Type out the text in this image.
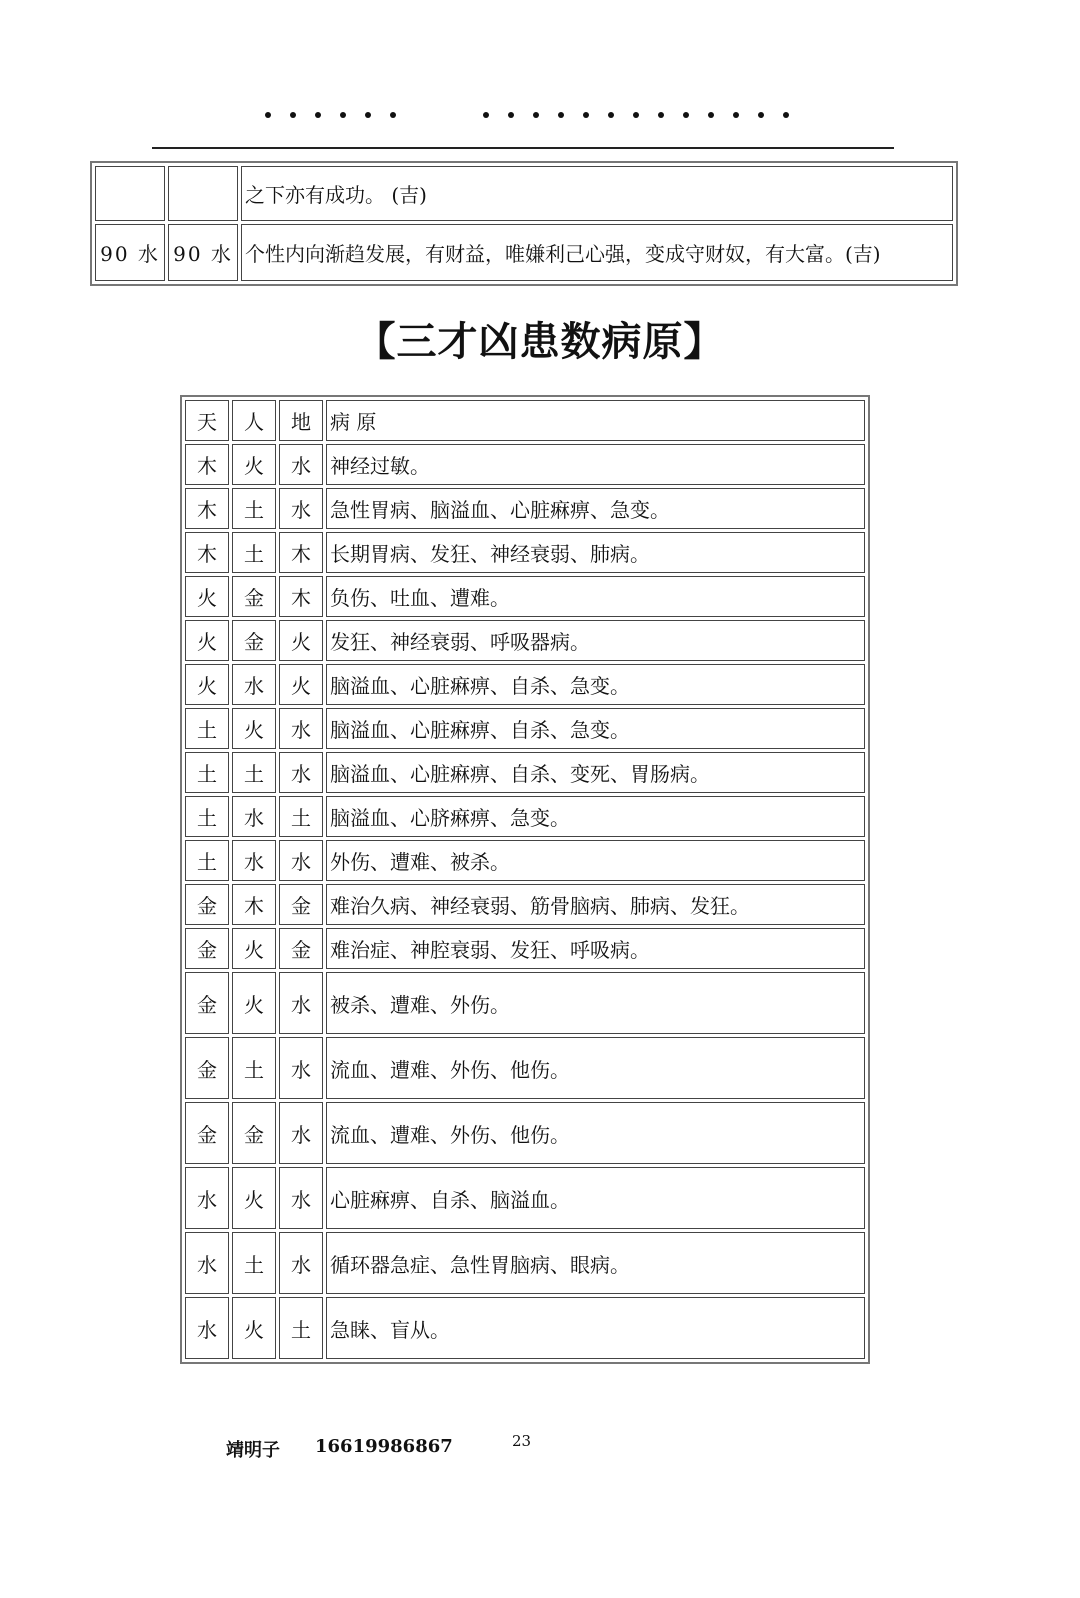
		之下亦有成功。 (吉)
90 水	90 水	个性内向渐趋发展，有财益，唯嫌利己心强，变成守财奴，有大富。(吉)
【三才凶患数病原】
天	人	地	病 原
木	火	水	神经过敏。
木	土	水	急性胃病、脑溢血、心脏痳痹、急变。
木	土	木	长期胃病、发狂、神经衰弱、肺病。
火	金	木	负伤、吐血、遭难。
火	金	火	发狂、神经衰弱、呼吸器病。
火	水	火	脑溢血、心脏痳痹、自杀、急变。
土	火	水	脑溢血、心脏痳痹、自杀、急变。
土	土	水	脑溢血、心脏痳痹、自杀、变死、胃肠病。
土	水	土	脑溢血、心脐痳痹、急变。
土	水	水	外伤、遭难、被杀。
金	木	金	难治久病、神经衰弱、筋骨脑病、肺病、发狂。
金	火	金	难治症、神腔衰弱、发狂、呼吸病。
金	火	水	被杀、遭难、外伤。
金	土	水	流血、遭难、外伤、他伤。
金	金	水	流血、遭难、外伤、他伤。
水	火	水	心脏痳痹、自杀、脑溢血。
水	土	水	循环器急症、急性胃脑病、眼病。
水	火	土	急睐、盲从。
靖明子 16619986867	23
